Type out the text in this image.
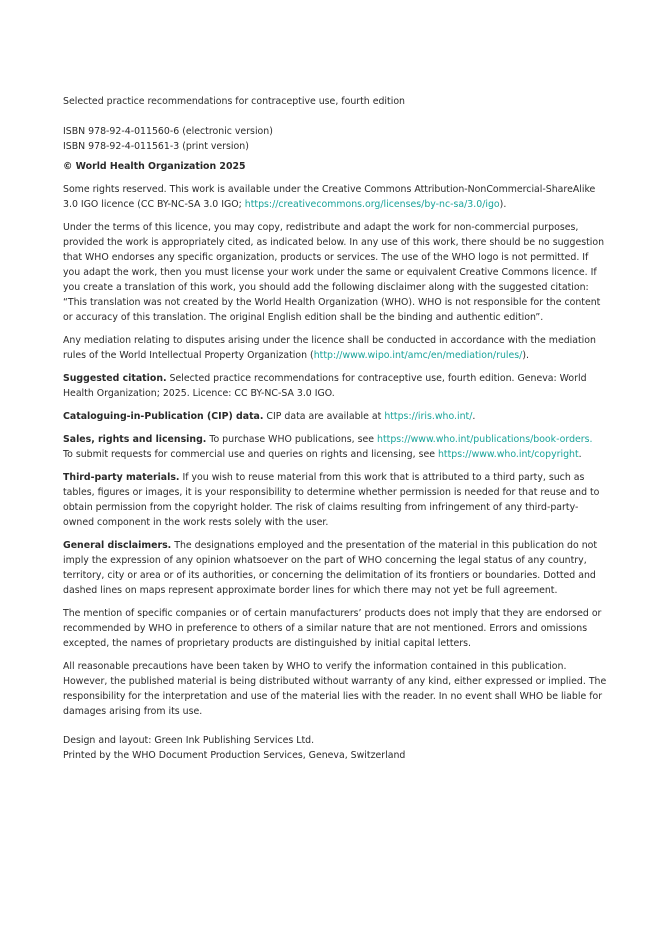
Selected practice recommendations for contraceptive use, fourth edition

ISBN 978-92-4-011560-6 (electronic version)

ISBN 978-92-4-011561-3 (print version)

© World Health Organization 2025

Some rights reserved. This work is available under the Creative Commons Attribution-NonCommercial-ShareAlike 3.0 IGO licence (CC BY-NC-SA 3.0 IGO; https://creativecommons.org/licenses/by-nc-sa/3.0/igo).

Under the terms of this licence, you may copy, redistribute and adapt the work for non-commercial purposes, provided the work is appropriately cited, as indicated below. In any use of this work, there should be no suggestion that WHO endorses any specific organization, products or services. The use of the WHO logo is not permitted. If you adapt the work, then you must license your work under the same or equivalent Creative Commons licence. If you create a translation of this work, you should add the following disclaimer along with the suggested citation: “This translation was not created by the World Health Organization (WHO). WHO is not responsible for the content or accuracy of this translation. The original English edition shall be the binding and authentic edition”.

Any mediation relating to disputes arising under the licence shall be conducted in accordance with the mediation rules of the World Intellectual Property Organization (http://www.wipo.int/amc/en/mediation/rules/).

Suggested citation. Selected practice recommendations for contraceptive use, fourth edition. Geneva: World Health Organization; 2025. Licence: CC BY-NC-SA 3.0 IGO.

Cataloguing-in-Publication (CIP) data. CIP data are available at https://iris.who.int/.

Sales, rights and licensing. To purchase WHO publications, see https://www.who.int/publications/book-orders.
To submit requests for commercial use and queries on rights and licensing, see https://www.who.int/copyright.

Third-party materials. If you wish to reuse material from this work that is attributed to a third party, such as tables, figures or images, it is your responsibility to determine whether permission is needed for that reuse and to obtain permission from the copyright holder. The risk of claims resulting from infringement of any third-party-owned component in the work rests solely with the user.

General disclaimers. The designations employed and the presentation of the material in this publication do not imply the expression of any opinion whatsoever on the part of WHO concerning the legal status of any country, territory, city or area or of its authorities, or concerning the delimitation of its frontiers or boundaries. Dotted and dashed lines on maps represent approximate border lines for which there may not yet be full agreement.

The mention of specific companies or of certain manufacturers’ products does not imply that they are endorsed or recommended by WHO in preference to others of a similar nature that are not mentioned. Errors and omissions excepted, the names of proprietary products are distinguished by initial capital letters.

All reasonable precautions have been taken by WHO to verify the information contained in this publication. However, the published material is being distributed without warranty of any kind, either expressed or implied. The responsibility for the interpretation and use of the material lies with the reader. In no event shall WHO be liable for damages arising from its use.

Design and layout: Green Ink Publishing Services Ltd.

Printed by the WHO Document Production Services, Geneva, Switzerland
